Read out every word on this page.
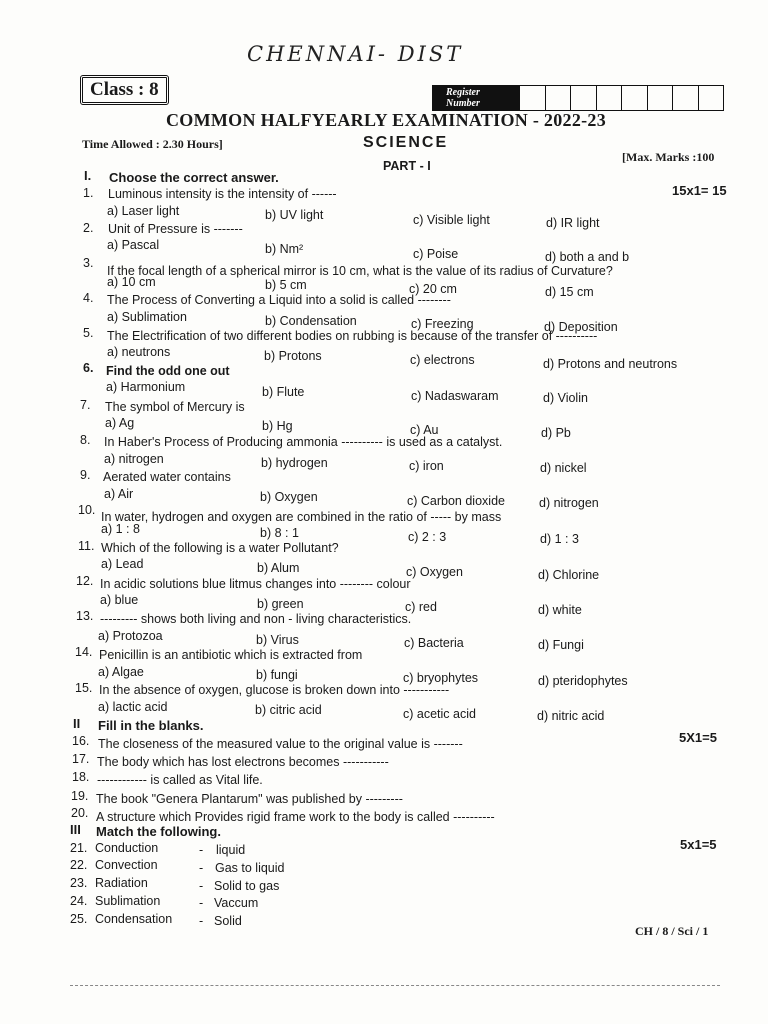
CHENNAI- DIST
Class : 8	Register
Number
COMMON HALFYEARLY EXAMINATION - 2022-23
Time Allowed : 2.30 Hours]	SCIENCE
[Max. Marks :100
PART - I
I. Choose the correct answer.
15x1= 15
1. Luminous intensity is the intensity of ------
a) Laser light	b) UV light	c) Visible light	d) IR light
2. Unit of Pressure is -------
a) Pascal	b) Nm²	c) Poise	d) both a and b
3.
If the focal length of a spherical mirror is 10 cm, what is the value of its radius of Curvature?
a) 10 cm	b) 5 cm	c) 20 cm	d) 15 cm
4. The Process of Converting a Liquid into a solid is called --------
a) Sublimation	b) Condensation	c) Freezing	d) Deposition
5. The Electrification of two different bodies on rubbing is because of the transfer of ----------
a) neutrons	b) Protons	c) electrons	d) Protons and neutrons
6. Find the odd one out
a) Harmonium	b) Flute	c) Nadaswaram	d) Violin
7. The symbol of Mercury is
a) Ag	b) Hg	c) Au	d) Pb
8. In Haber's Process of Producing ammonia ---------- is used as a catalyst.
a) nitrogen	b) hydrogen	c) iron	d) nickel
9. Aerated water contains
a) Air	b) Oxygen	c) Carbon dioxide	d) nitrogen
10. In water, hydrogen and oxygen are combined in the ratio of ----- by mass
a) 1 : 8	b) 8 : 1	c) 2 : 3	d) 1 : 3
11. Which of the following is a water Pollutant?
a) Lead	b) Alum	c) Oxygen	d) Chlorine
12. In acidic solutions blue litmus changes into -------- colour
a) blue	b) green	c) red	d) white
13. --------- shows both living and non - living characteristics.
a) Protozoa	b) Virus	c) Bacteria	d) Fungi
14. Penicillin is an antibiotic which is extracted from
a) Algae	b) fungi	c) bryophytes	d) pteridophytes
15. In the absence of oxygen, glucose is broken down into -----------
a) lactic acid	b) citric acid	c) acetic acid	d) nitric acid
II Fill in the blanks.
5X1=5
16. The closeness of the measured value to the original value is -------
17. The body which has lost electrons becomes -----------
18. ------------ is called as Vital life.
19. The book "Genera Plantarum" was published by ---------
20. A structure which Provides rigid frame work to the body is called ----------
III Match the following.
5x1=5
21. Conduction	- liquid
22. Convection	- Gas to liquid
23. Radiation	- Solid to gas
24. Sublimation	- Vaccum
25. Condensation - Solid
CH / 8 / Sci / 1
